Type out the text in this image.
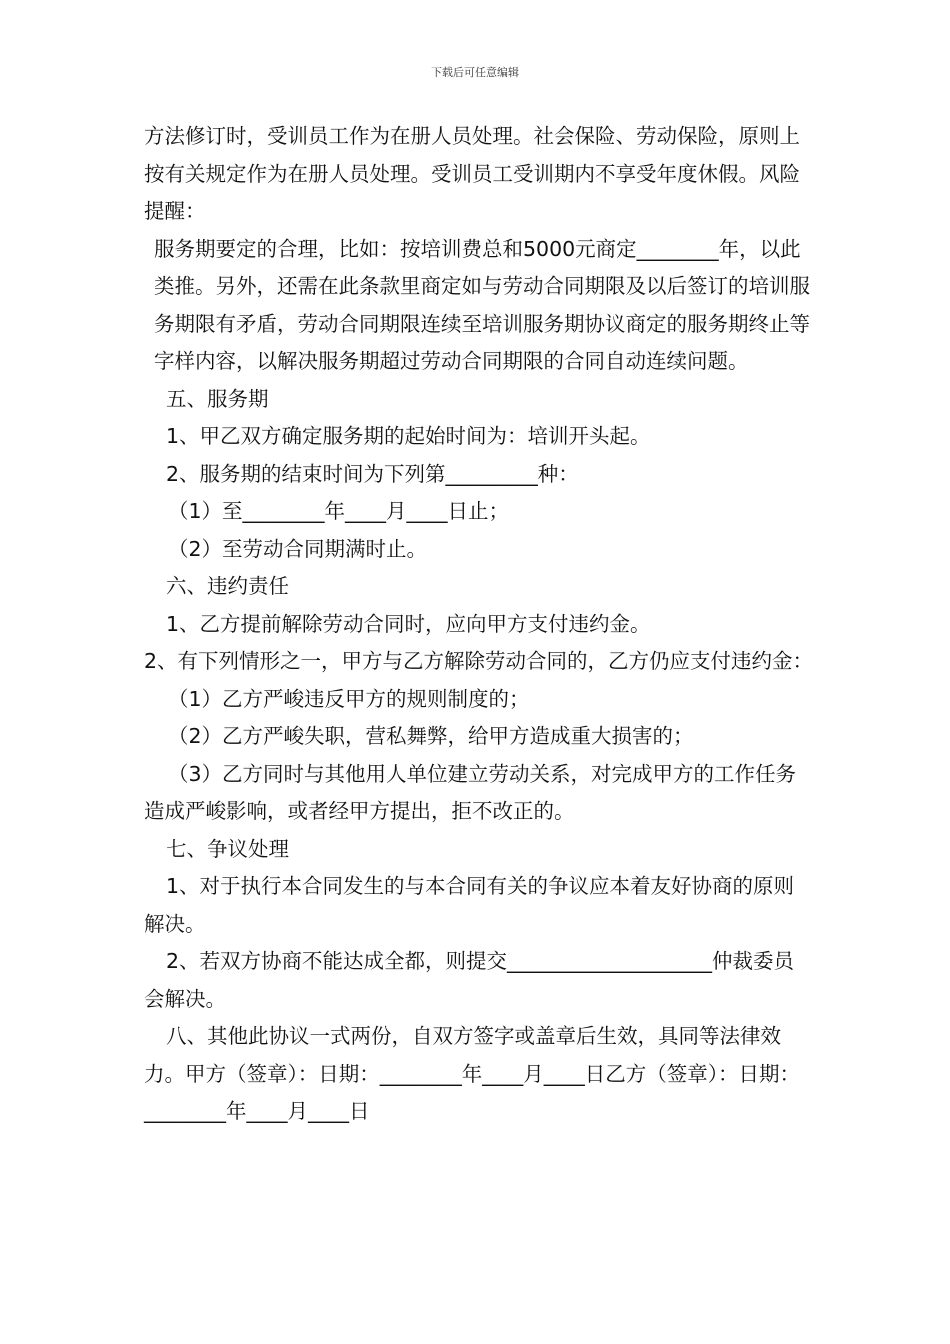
下载后可任意编辑

方法修订时，受训员工作为在册人员处理。社会保险、劳动保险，原则上按有关规定作为在册人员处理。受训员工受训期内不享受年度休假。风险提醒：

服务期要定的合理，比如：按培训费总和5000元商定________年，以此类推。另外，还需在此条款里商定如与劳动合同期限及以后签订的培训服务期限有矛盾，劳动合同期限连续至培训服务期协议商定的服务期终止等字样内容，以解决服务期超过劳动合同期限的合同自动连续问题。

五、服务期

1、甲乙双方确定服务期的起始时间为：培训开头起。

2、服务期的结束时间为下列第_________种：

（1）至________年____月____日止；

（2）至劳动合同期满时止。

六、违约责任

1、乙方提前解除劳动合同时，应向甲方支付违约金。

2、有下列情形之一，甲方与乙方解除劳动合同的，乙方仍应支付违约金：

（1）乙方严峻违反甲方的规则制度的；

（2）乙方严峻失职，营私舞弊，给甲方造成重大损害的；

（3）乙方同时与其他用人单位建立劳动关系，对完成甲方的工作任务造成严峻影响，或者经甲方提出，拒不改正的。

七、争议处理

1、对于执行本合同发生的与本合同有关的争议应本着友好协商的原则解决。

2、若双方协商不能达成全都，则提交____________________仲裁委员会解决。

八、其他此协议一式两份，自双方签字或盖章后生效，具同等法律效力。甲方（签章）：日期：________年____月____日乙方（签章）：日期：________年____月____日
